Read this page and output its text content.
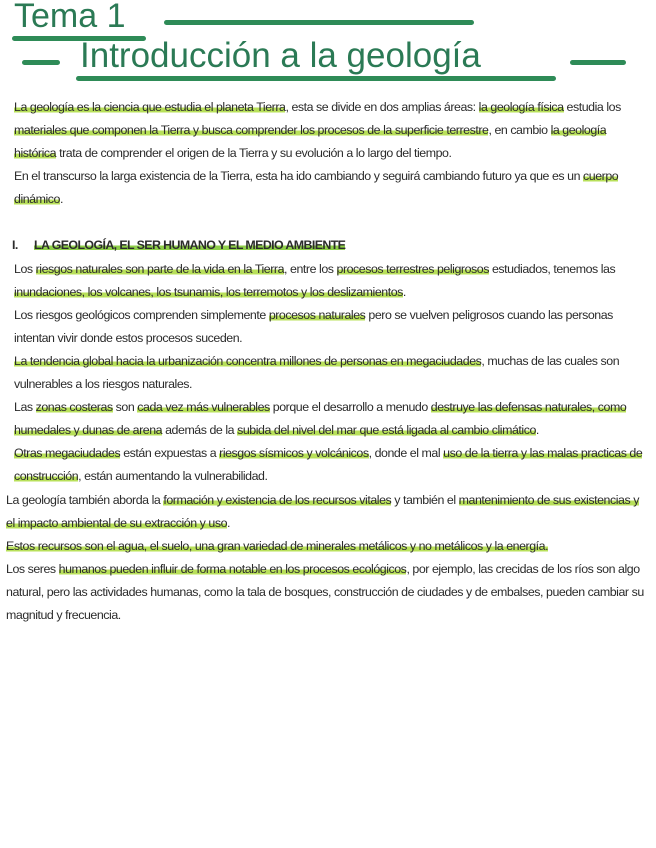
Tema 1
Introducción a la geología

La geología es la ciencia que estudia el planeta Tierra, esta se divide en dos amplias áreas: la geología física estudia los materiales que componen la Tierra y busca comprender los procesos de la superficie terrestre, en cambio la geología histórica trata de comprender el origen de la Tierra y su evolución a lo largo del tiempo.

En el transcurso la larga existencia de la Tierra, esta ha ido cambiando y seguirá cambiando futuro ya que es un cuerpo dinámico.

I. LA GEOLOGÍA, EL SER HUMANO Y EL MEDIO AMBIENTE

Los riesgos naturales son parte de la vida en la Tierra, entre los procesos terrestres peligrosos estudiados, tenemos las inundaciones, los volcanes, los tsunamis, los terremotos y los deslizamientos.

Los riesgos geológicos comprenden simplemente procesos naturales pero se vuelven peligrosos cuando las personas intentan vivir donde estos procesos suceden.

La tendencia global hacia la urbanización concentra millones de personas en megaciudades, muchas de las cuales son vulnerables a los riesgos naturales.

Las zonas costeras son cada vez más vulnerables porque el desarrollo a menudo destruye las defensas naturales, como humedales y dunas de arena además de la subida del nivel del mar que está ligada al cambio climático.

Otras megaciudades están expuestas a riesgos sísmicos y volcánicos, donde el mal uso de la tierra y las malas practicas de construcción, están aumentando la vulnerabilidad.

La geología también aborda la formación y existencia de los recursos vitales y también el mantenimiento de sus existencias y el impacto ambiental de su extracción y uso.

Estos recursos son el agua, el suelo, una gran variedad de minerales metálicos y no metálicos y la energía.

Los seres humanos pueden influir de forma notable en los procesos ecológicos, por ejemplo, las crecidas de los ríos son algo natural, pero las actividades humanas, como la tala de bosques, construcción de ciudades y de embalses, pueden cambiar su magnitud y frecuencia.
